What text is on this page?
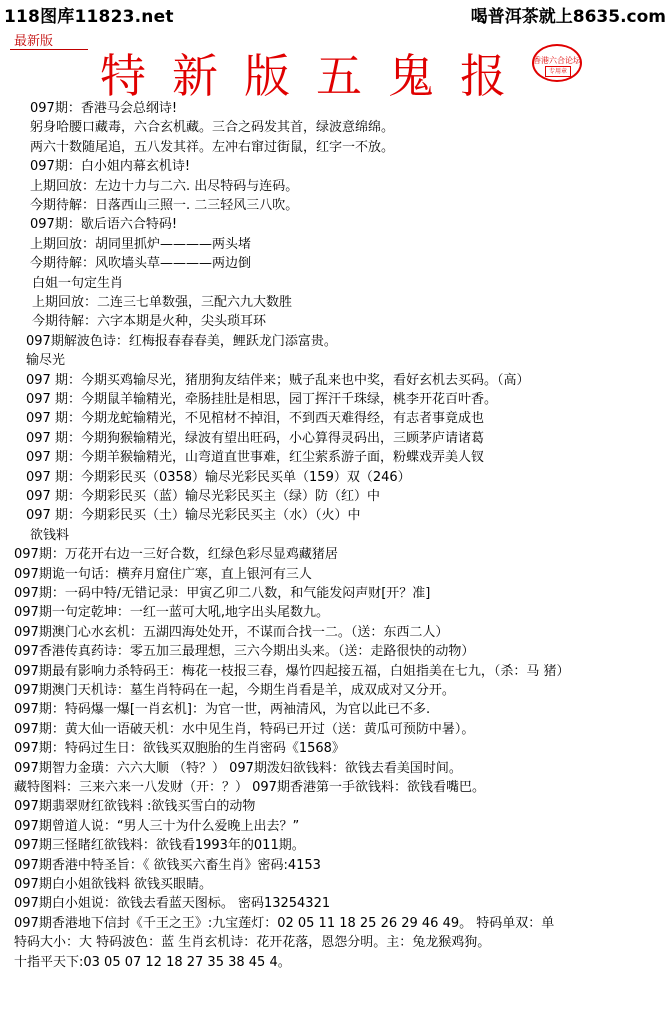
118图库11823.net	喝普洱茶就上8635.com
最新版
特新版五鬼报 香港六合论坛
专用章
097期：香港马会总纲诗!
躬身哈腰口藏毒，六合玄机藏。三合之码发其首，绿波意绵绵。
两六十数随尾追，五八发其祥。左冲右窜过街鼠，红字一不放。
097期：白小姐内幕玄机诗!
上期回放：左边十力与二六. 出尽特码与连码。
今期待解：日落西山三照一. 二三轻风三八吹。
097期：歇后语六合特码!
上期回放：胡同里抓炉————两头堵
今期待解：风吹墙头草————两边倒
白姐一句定生肖
上期回放：二连三七单数强，三配六九大数胜
今期待解：六字本期是火种，尖头琐耳环
097期解波色诗：红梅报春春春美，鲤跃龙门添富贵。
输尽光
097 期：今期买鸡输尽光，猪朋狗友结伴来；贼子乱来也中奖，看好玄机去买码。（高）
097 期：今期鼠羊输精光，牵肠挂肚是相思，园丁挥汗千珠绿，桃李开花百叶香。
097 期：今期龙蛇输精光，不见棺材不掉泪，不到西天难得经，有志者事竟成也
097 期：今期狗猴输精光，绿波有望出旺码，小心算得灵码出，三顾茅庐请诸葛
097 期：今期羊猴输精光，山弯道直世事难，红尘萦系游子面，粉蝶戏弄美人钗
097 期：今期彩民买（0358）输尽光彩民买单（159）双（246）
097 期：今期彩民买（蓝）输尽光彩民买主（绿）防（红）中
097 期：今期彩民买（土）输尽光彩民买主（水）（火）中
欲钱料
097期：万花开右边一三好合数，红绿色彩尽显鸡藏猪居
097期诡一句话：横弃月窟住广寒，直上银河有三人
097期：一码中特/无错记录：甲寅乙卯二八数，和气能发闷声财[开？准]
097期一句定乾坤：一红一蓝可大吼,地字出头尾数九。
097期澳门心水玄机：五湖四海处处开，不谋而合找一二。（送：东西二人）
097香港传真药诗：零五加三最理想，三六今期出头来。（送：走路很快的动物）
097期最有影响力杀特码王：梅花一枝报三春，爆竹四起接五福，白姐指美在七九，（杀：马 猪）
097期澳门天机诗：墓生肖特码在一起，今期生肖看是羊，成双成对又分开。
097期：特码爆一爆[一肖玄机]：为官一世，两袖清风，为官以此已不多.
097期：黄大仙一语破天机：水中见生肖，特码已开过（送：黄瓜可预防中暑）。
097期：特码过生日：欲钱买双胞胎的生肖密码《1568》
097期智力金璜：六六大顺 （特？） 097期泼妇欲钱料：欲钱去看美国时间。
藏特图料：三来六来一八发财（开：？） 097期香港第一手欲钱料：欲钱看嘴巴。
097期翡翠财红欲钱料 :欲钱买雪白的动物
097期曾道人说：“男人三十为什么爱晚上出去？”
097期三怪睹红欲钱料：欲钱看1993年的011期。
097期香港中特圣旨：《 欲钱买六畜生肖》密码:4153
097期白小姐欲钱料 欲钱买眼睛。
097期白小姐说：欲钱去看蓝天图标。 密码13254321
097期香港地下信封《千王之王》:九宝莲灯：02 05 11 18 25 26 29 46 49。 特码单双：单
特码大小：大 特码波色：蓝 生肖玄机诗：花开花落，恩怨分明。主：兔龙猴鸡狗。
十指平天下:03 05 07 12 18 27 35 38 45 4。
